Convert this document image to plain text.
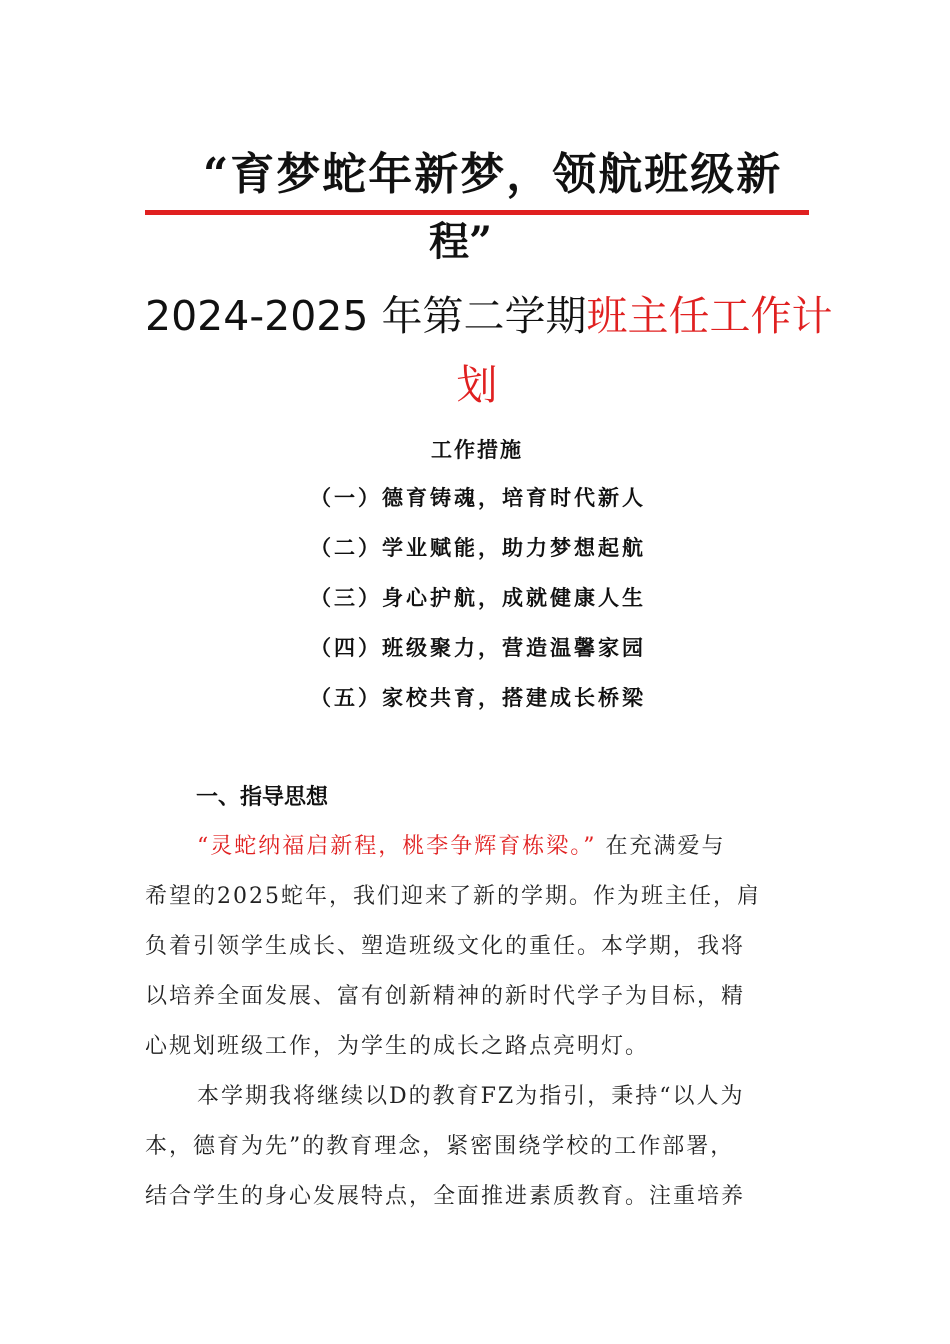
“育梦蛇年新梦，领航班级新
程”
2024-2025 年第二学期班主任工作计
划
工作措施
（一）德育铸魂，培育时代新人
（二）学业赋能，助力梦想起航
（三）身心护航，成就健康人生
（四）班级聚力，营造温馨家园
（五）家校共育，搭建成长桥梁
一、指导思想
“灵蛇纳福启新程，桃李争辉育栋梁。” 在充满爱与
希望的2025蛇年，我们迎来了新的学期。作为班主任，肩
负着引领学生成长、塑造班级文化的重任。本学期，我将
以培养全面发展、富有创新精神的新时代学子为目标，精
心规划班级工作，为学生的成长之路点亮明灯。
本学期我将继续以D的教育FZ为指引，秉持“以人为
本，德育为先”的教育理念，紧密围绕学校的工作部署，
结合学生的身心发展特点，全面推进素质教育。注重培养
